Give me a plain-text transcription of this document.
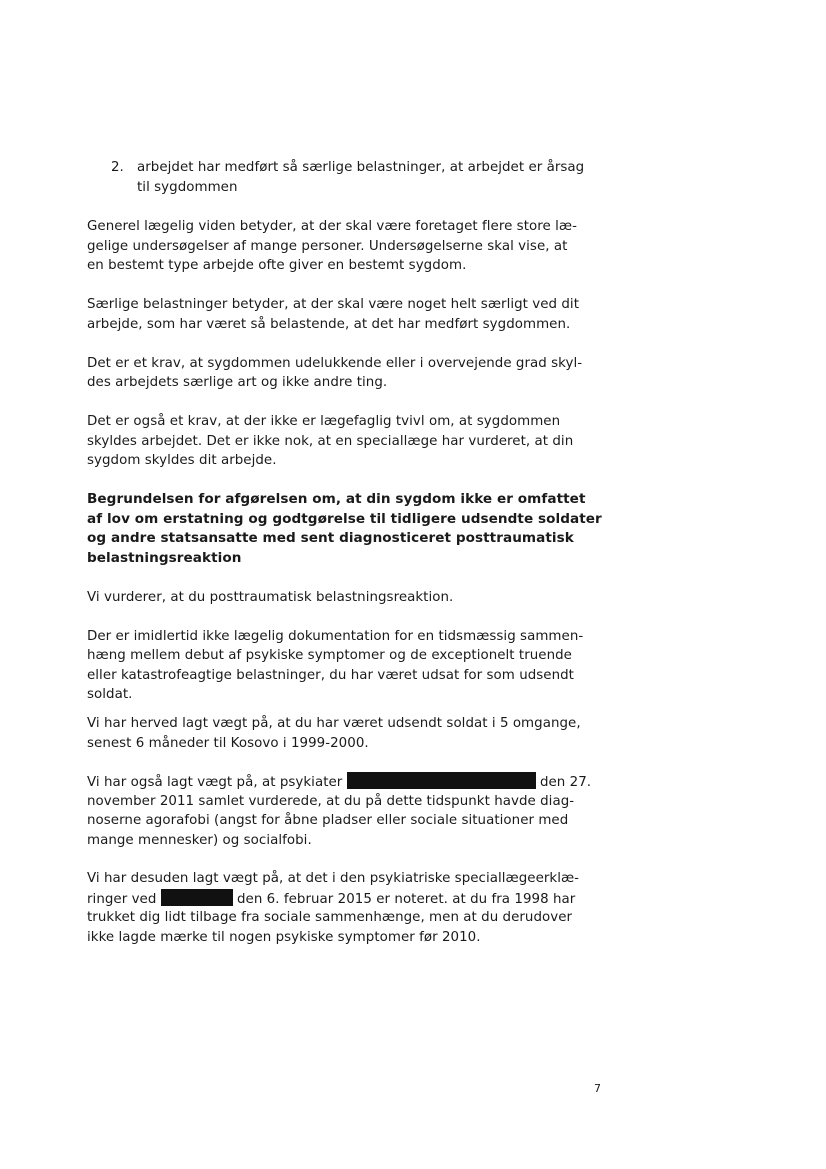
2. arbejdet har medført så særlige belastninger, at arbejdet er årsag
til sygdommen
Generel lægelig viden betyder, at der skal være foretaget flere store læ-
gelige undersøgelser af mange personer. Undersøgelserne skal vise, at
en bestemt type arbejde ofte giver en bestemt sygdom.
Særlige belastninger betyder, at der skal være noget helt særligt ved dit
arbejde, som har været så belastende, at det har medført sygdommen.
Det er et krav, at sygdommen udelukkende eller i overvejende grad skyl-
des arbejdets særlige art og ikke andre ting.
Det er også et krav, at der ikke er lægefaglig tvivl om, at sygdommen
skyldes arbejdet. Det er ikke nok, at en speciallæge har vurderet, at din
sygdom skyldes dit arbejde.
Begrundelsen for afgørelsen om, at din sygdom ikke er omfattet
af lov om erstatning og godtgørelse til tidligere udsendte soldater
og andre statsansatte med sent diagnosticeret posttraumatisk
belastningsreaktion
Vi vurderer, at du posttraumatisk belastningsreaktion.
Der er imidlertid ikke lægelig dokumentation for en tidsmæssig sammen-
hæng mellem debut af psykiske symptomer og de exceptionelt truende
eller katastrofeagtige belastninger, du har været udsat for som udsendt
soldat.
Vi har herved lagt vægt på, at du har været udsendt soldat i 5 omgange,
senest 6 måneder til Kosovo i 1999-2000.
Vi har også lagt vægt på, at psykiater	den 27.
november 2011 samlet vurderede, at du på dette tidspunkt havde diag-
noserne agorafobi (angst for åbne pladser eller sociale situationer med
mange mennesker) og socialfobi.
Vi har desuden lagt vægt på, at det i den psykiatriske speciallægeerklæ-
ringer ved	den 6. februar 2015 er noteret. at du fra 1998 har
trukket dig lidt tilbage fra sociale sammenhænge, men at du derudover
ikke lagde mærke til nogen psykiske symptomer før 2010.
7
